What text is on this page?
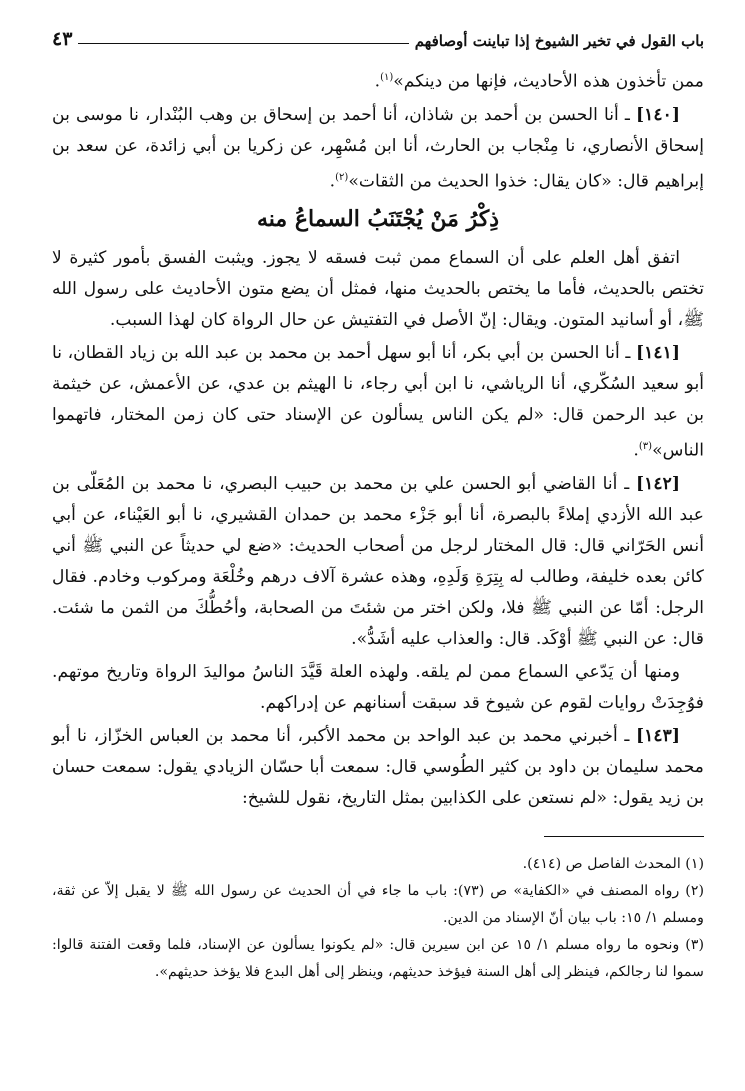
باب القول في تخير الشيوخ إذا تباينت أوصافهم
٤٣

ممن تأخذون هذه الأحاديث، فإنها من دينكم»$^{(١)}$.

[١٤٠] ـ أنا الحسن بن أحمد بن شاذان، أنا أحمد بن إسحاق بن وهب البُنْدار، نا موسى بن إسحاق الأنصاري، نا مِنْجاب بن الحارث، أنا ابن مُسْهِر، عن زكريا بن أبي زائدة، عن سعد بن إبراهيم قال: «كان يقال: خذوا الحديث من الثقات»$^{(٢)}$.

ذِكْرُ مَنْ يُجْتَنَبُ السماعُ منه

اتفق أهل العلم على أن السماع ممن ثبت فسقه لا يجوز. ويثبت الفسق بأمور كثيرة لا تختص بالحديث، فأما ما يختص بالحديث منها، فمثل أن يضع متون الأحاديث على رسول الله ﷺ، أو أسانيد المتون. ويقال: إنّ الأصل في التفتيش عن حال الرواة كان لهذا السبب.

[١٤١] ـ أنا الحسن بن أبي بكر، أنا أبو سهل أحمد بن محمد بن عبد الله بن زياد القطان، نا أبو سعيد السُكّري، أنا الرياشي، نا ابن أبي رجاء، نا الهيثم بن عدي، عن الأعمش، عن خيثمة بن عبد الرحمن قال: «لم يكن الناس يسألون عن الإسناد حتى كان زمن المختار، فاتهموا الناس»$^{(٣)}$.

[١٤٢] ـ أنا القاضي أبو الحسن علي بن محمد بن حبيب البصري، نا محمد بن المُعَلّى بن عبد الله الأزدي إملاءً بالبصرة، أنا أبو جَزْء محمد بن حمدان القشيري، نا أبو العَيْناء، عن أبي أنس الحَرّاني قال: قال المختار لرجل من أصحاب الحديث: «ضع لي حديثاً عن النبي ﷺ أني كائن بعده خليفة، وطالب له بِتِرَةِ وَلَدِهِ، وهذه عشرة آلاف درهم وخُلْعَة ومركوب وخادم. فقال الرجل: أمّا عن النبي ﷺ فلا، ولكن اختر من شئتَ من الصحابة، وأحُطُّكَ من الثمن ما شئت. قال: عن النبي ﷺ أوْكَد. قال: والعذاب عليه أشَدُّ».

ومنها أن يَدّعي السماع ممن لم يلقه. ولهذه العلة قَيَّدَ الناسُ مواليدَ الرواة وتاريخ موتهم. فوُجِدَتْ روايات لقوم عن شيوخ قد سبقت أسنانهم عن إدراكهم.

[١٤٣] ـ أخبرني محمد بن عبد الواحد بن محمد الأكبر، أنا محمد بن العباس الخزّاز، نا أبو محمد سليمان بن داود بن كثير الطُوسي قال: سمعت أبا حسّان الزيادي يقول: سمعت حسان بن زيد يقول: «لم نستعن على الكذابين بمثل التاريخ، نقول للشيخ:

(١) المحدث الفاصل ص (٤١٤).

(٢) رواه المصنف في «الكفاية» ص (٧٣): باب ما جاء في أن الحديث عن رسول الله ﷺ لا يقبل إلاّ عن ثقة، ومسلم ١/ ١٥: باب بيان أنّ الإسناد من الدين.

(٣) ونحوه ما رواه مسلم ١/ ١٥ عن ابن سيرين قال: «لم يكونوا يسألون عن الإسناد، فلما وقعت الفتنة قالوا: سموا لنا رجالكم، فينظر إلى أهل السنة فيؤخذ حديثهم، وينظر إلى أهل البدع فلا يؤخذ حديثهم».
